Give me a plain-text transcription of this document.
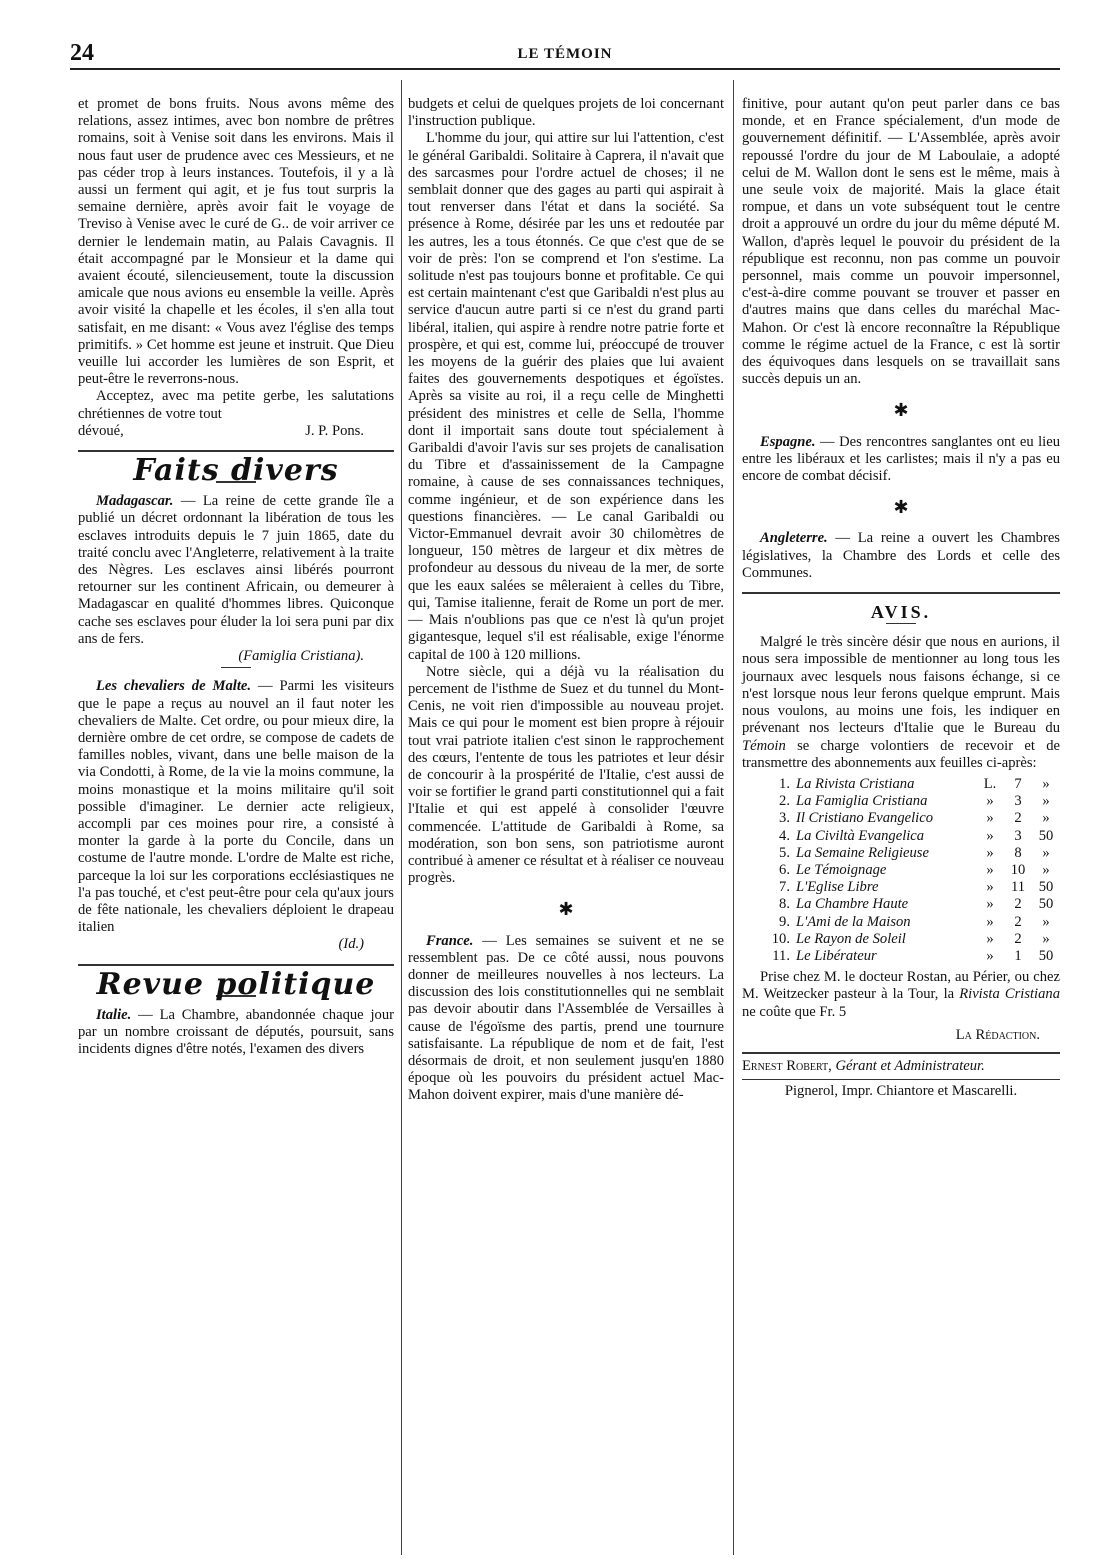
24	LE TÉMOIN

et promet de bons fruits. Nous avons même des relations, assez intimes, avec bon nombre de prêtres romains, soit à Venise soit dans les environs. Mais il nous faut user de prudence avec ces Messieurs, et ne pas céder trop à leurs instances. Toutefois, il y a là aussi un ferment qui agit, et je fus tout surpris la semaine dernière, après avoir fait le voyage de Treviso à Venise avec le curé de G.. de voir arriver ce dernier le lendemain matin, au Palais Cavagnis. Il était accompagné par le Monsieur et la dame qui avaient écouté, silencieusement, toute la discussion amicale que nous avions eu ensemble la veille. Après avoir visité la chapelle et les écoles, il s'en alla tout satisfait, en me disant: « Vous avez l'église des temps primitifs. » Cet homme est jeune et instruit. Que Dieu veuille lui accorder les lumières de son Esprit, et peut-être le reverrons-nous.

Acceptez, avec ma petite gerbe, les salutations chrétiennes de votre tout

dévoué,	J. P. Pons.

Faits divers

Madagascar. — La reine de cette grande île a publié un décret ordonnant la libération de tous les esclaves introduits depuis le 7 juin 1865, date du traité conclu avec l'Angleterre, relativement à la traite des Nègres. Les esclaves ainsi libérés pourront retourner sur les continent Africain, ou demeurer à Madagascar en qualité d'hommes libres. Quiconque cache ses esclaves pour éluder la loi sera puni par dix ans de fers.

(Famiglia Cristiana).

Les chevaliers de Malte. — Parmi les visiteurs que le pape a reçus au nouvel an il faut noter les chevaliers de Malte. Cet ordre, ou pour mieux dire, la dernière ombre de cet ordre, se compose de cadets de familles nobles, vivant, dans une belle maison de la via Condotti, à Rome, de la vie la moins commune, la moins monastique et la moins militaire qu'il soit possible d'imaginer. Le dernier acte religieux, accompli par ces moines pour rire, a consisté à monter la garde à la porte du Concile, dans un costume de l'autre monde. L'ordre de Malte est riche, parceque la loi sur les corporations ecclésiastiques ne l'a pas touché, et c'est peut-être pour cela qu'aux jours de fête nationale, les chevaliers déploient le drapeau italien

(Id.)

Revue politique

Italie. — La Chambre, abandonnée chaque jour par un nombre croissant de députés, poursuit, sans incidents dignes d'être notés, l'examen des divers

budgets et celui de quelques projets de loi concernant l'instruction publique.

L'homme du jour, qui attire sur lui l'attention, c'est le général Garibaldi. Solitaire à Caprera, il n'avait que des sarcasmes pour l'ordre actuel de choses; il ne semblait donner que des gages au parti qui aspirait à tout renverser dans l'état et dans la société. Sa présence à Rome, désirée par les uns et redoutée par les autres, les a tous étonnés. Ce que c'est que de se voir de près: l'on se comprend et l'on s'estime. La solitude n'est pas toujours bonne et profitable. Ce qui est certain maintenant c'est que Garibaldi n'est plus au service d'aucun autre parti si ce n'est du grand parti libéral, italien, qui aspire à rendre notre patrie forte et prospère, et qui est, comme lui, préoccupé de trouver les moyens de la guérir des plaies que lui avaient faites des gouvernements despotiques et égoïstes. Après sa visite au roi, il a reçu celle de Minghetti président des ministres et celle de Sella, l'homme dont il importait sans doute tout spécialement à Garibaldi d'avoir l'avis sur ses projets de canalisation du Tibre et d'assainissement de la Campagne romaine, à cause de ses connaissances techniques, comme ingénieur, et de son expérience dans les questions financières. — Le canal Garibaldi ou Victor-Emmanuel devrait avoir 30 chilomètres de longueur, 150 mètres de largeur et dix mètres de profondeur au dessous du niveau de la mer, de sorte que les eaux salées se mêleraient à celles du Tibre, qui, Tamise italienne, ferait de Rome un port de mer. — Mais n'oublions pas que ce n'est là qu'un projet gigantesque, lequel s'il est réalisable, exige l'énorme capital de 100 à 120 millions.

Notre siècle, qui a déjà vu la réalisation du percement de l'isthme de Suez et du tunnel du Mont-Cenis, ne voit rien d'impossible au nouveau projet. Mais ce qui pour le moment est bien propre à réjouir tout vrai patriote italien c'est sinon le rapprochement des cœurs, l'entente de tous les patriotes et leur désir de concourir à la prospérité de l'Italie, c'est aussi de voir se fortifier le grand parti constitutionnel qui a fait l'Italie et qui est appelé à consolider l'œuvre commencée. L'attitude de Garibaldi à Rome, sa modération, son bon sens, son patriotisme auront contribué à amener ce résultat et à réaliser ce nouveau progrès.

✱

France. — Les semaines se suivent et ne se ressemblent pas. De ce côté aussi, nous pouvons donner de meilleures nouvelles à nos lecteurs. La discussion des lois constitutionnelles qui ne semblait pas devoir aboutir dans l'Assemblée de Versailles à cause de l'égoïsme des partis, prend une tournure satisfaisante. La république de nom et de fait, l'est désormais de droit, et non seulement jusqu'en 1880 époque où les pouvoirs du président actuel Mac-Mahon doivent expirer, mais d'une manière dé-

finitive, pour autant qu'on peut parler dans ce bas monde, et en France spécialement, d'un mode de gouvernement définitif. — L'Assemblée, après avoir repoussé l'ordre du jour de M Laboulaie, a adopté celui de M. Wallon dont le sens est le même, mais à une seule voix de majorité. Mais la glace était rompue, et dans un vote subséquent tout le centre droit a approuvé un ordre du jour du même député M. Wallon, d'après lequel le pouvoir du président de la république est reconnu, non pas comme un pouvoir personnel, mais comme un pouvoir impersonnel, c'est-à-dire comme pouvant se trouver et passer en d'autres mains que dans celles du maréchal Mac-Mahon. Or c'est là encore reconnaître la République comme le régime actuel de la France, c est là sortir des équivoques dans lesquels on se travaillait sans succès depuis un an.

✱

Espagne. — Des rencontres sanglantes ont eu lieu entre les libéraux et les carlistes; mais il n'y a pas eu encore de combat décisif.

✱

Angleterre. — La reine a ouvert les Chambres législatives, la Chambre des Lords et celle des Communes.

AVIS.

Malgré le très sincère désir que nous en aurions, il nous sera impossible de mentionner au long tous les journaux avec lesquels nous faisons échange, si ce n'est lorsque nous leur ferons quelque emprunt. Mais nous voulons, au moins une fois, les indiquer en prévenant nos lecteurs d'Italie que le Bureau du Témoin se charge volontiers de recevoir et de transmettre des abonnements aux feuilles ci-après:

1. La Rivista Cristiana	L.	7	»
2. La Famiglia Cristiana	»	3	»
3. Il Cristiano Evangelico	»	2	»
4. La Civiltà Evangelica	»	3	50
5. La Semaine Religieuse	»	8	»
6. Le Témoignage	»	10	»
7. L'Eglise Libre	»	11 50
8. La Chambre Haute	»	2	50
9. L'Ami de la Maison	»	2	»
10. Le Rayon de Soleil	»	2	»
11. Le Libérateur	»	1	50

Prise chez M. le docteur Rostan, au Périer, ou chez M. Weitzecker pasteur à la Tour, la Rivista Cristiana ne coûte que Fr. 5

La Rédaction.

Ernest Robert, Gérant et Administrateur.

Pignerol, Impr. Chiantore et Mascarelli.
